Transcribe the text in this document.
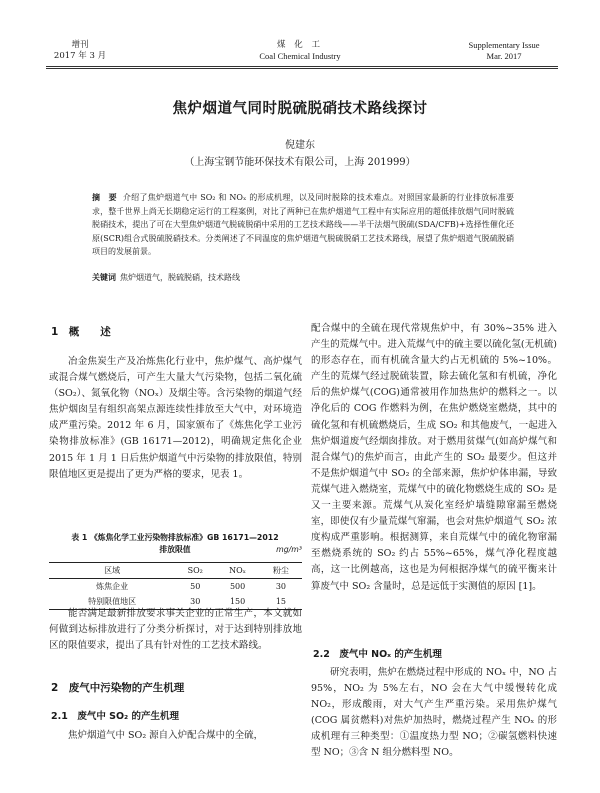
增刊
2017 年 3 月
煤 化 工
Coal Chemical Industry
Supplementary Issue
Mar. 2017
焦炉烟道气同时脱硫脱硝技术路线探讨
倪建东
（上海宝钢节能环保技术有限公司，上海 201999）
摘　要 介绍了焦炉烟道气中 SO₂ 和 NOₓ 的形成机理，以及同时脱除的技术难点。对照国家最新的行业排放标准要求，整千世界上尚无长期稳定运行的工程案例，对比了两种已在焦炉烟道气工程中有实际应用的超低排放烟气同时脱硫脱硝技术，提出了可在大型焦炉烟道气脱硫脱硝中采用的工艺技术路线——半干法烟气脱硫(SDA/CFB)+选择性催化还原(SCR)组合式脱硫脱硝技术。分类阐述了不同温度的焦炉烟道气脱硫脱硝工艺技术路线，展望了焦炉烟道气脱硫脱硝项目的发展前景。
关键词 焦炉烟道气，脱硫脱硝，技术路线
1　概　　述

冶金焦炭生产及冶炼焦化行业中，焦炉煤气、高炉煤气或混合煤气燃烧后，可产生大量大气污染物，包括二氧化硫（SO₂）、氮氧化物（NOₓ）及烟尘等。含污染物的烟道气经焦炉烟囱呈有组织高架点源连续性排放至大气中，对环境造成严重污染。2012 年 6 月，国家颁布了《炼焦化学工业污染物排放标准》(GB 16171—2012)，明确规定焦化企业 2015 年 1 月 1 日后焦炉烟道气中污染物的排放限值，特别限值地区更是提出了更为严格的要求，见表 1。

表 1 《炼焦化学工业污染物排放标准》GB 16171—2012 排放限值	mg/m³
区域	SO₂	NOₓ	粉尘
炼焦企业	50	500	30
特别限值地区	30	150	15

能否满足最新排放要求事关企业的正常生产，本文就如何做到达标排放进行了分类分析探讨，对于达到特别排放地区的限值要求，提出了具有针对性的工艺技术路线。

2　废气中污染物的产生机理
2.1　废气中 SO₂ 的产生机理

焦炉烟道气中 SO₂ 源自入炉配合煤中的全硫，

配合煤中的全硫在现代常规焦炉中，有 30%~35% 进入产生的荒煤气中。进入荒煤气中的硫主要以硫化氢(无机硫)的形态存在，而有机硫含量大约占无机硫的 5%~10%。产生的荒煤气经过脱硫装置，除去硫化氢和有机硫，净化后的焦炉煤气(COG)通常被用作加热焦炉的燃料之一。以净化后的 COG 作燃料为例，在焦炉燃烧室燃烧，其中的硫化氢和有机硫燃烧后，生成 SO₂ 和其他废气，一起进入焦炉烟道废气经烟囱排放。对于燃用贫煤气(如高炉煤气和混合煤气)的焦炉而言，由此产生的 SO₂ 最要少。但这并不是焦炉烟道气中 SO₂ 的全部来源，焦炉炉体串漏，导致荒煤气进入燃烧室，荒煤气中的硫化物燃烧生成的 SO₂ 是又一主要来源。荒煤气从炭化室经炉墙缝隙窜漏至燃烧室，即使仅有少量荒煤气窜漏，也会对焦炉烟道气 SO₂ 浓度构成严重影响。根据测算，来自荒煤气中的硫化物窜漏至燃烧系统的 SO₂ 约占 55%~65%，煤气净化程度越高，这一比例越高，这也是为何根据净煤气的硫平衡来计算废气中 SO₂ 含量时，总是远低于实测值的原因 [1]。

2.2　废气中 NOₓ 的产生机理

研究表明，焦炉在燃烧过程中形成的 NOₓ 中，NO 占 95%，NO₂ 为 5%左右，NO 会在大气中缓慢转化成 NO₂，形成酸雨，对大气产生严重污染。采用焦炉煤气(COG 属贫燃料)对焦炉加热时，燃烧过程产生 NOₓ 的形成机理有三种类型：①温度热力型 NO；②碳氢燃料快速型 NO；③含 N 组分燃料型 NO。
